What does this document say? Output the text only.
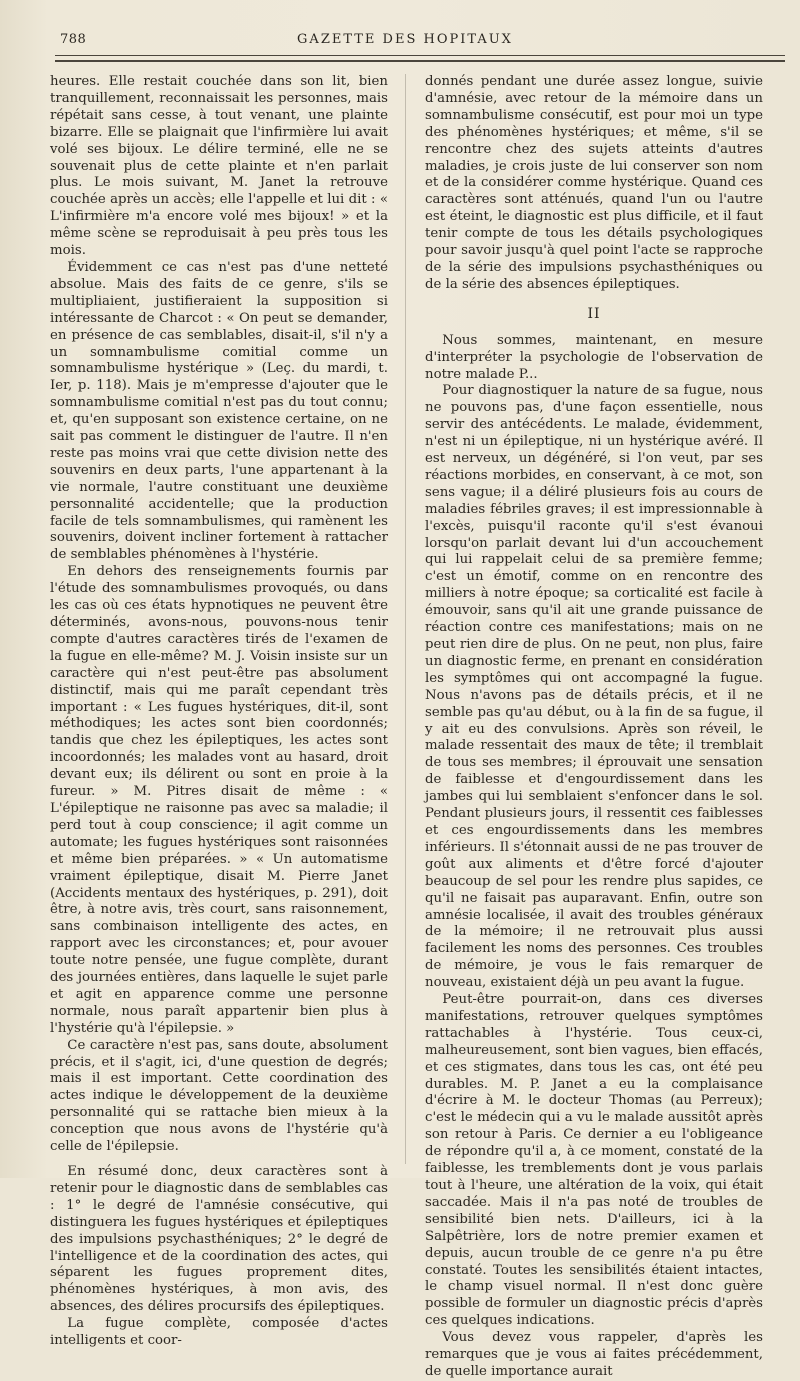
788	GAZETTE DES HOPITAUX

heures. Elle restait couchée dans son lit, bien tranquillement, reconnaissait les personnes, mais répétait sans cesse, à tout venant, une plainte bizarre. Elle se plaignait que l'infirmière lui avait volé ses bijoux. Le délire terminé, elle ne se souvenait plus de cette plainte et n'en parlait plus. Le mois suivant, M. Janet la retrouve couchée après un accès; elle l'appelle et lui dit : « L'infirmière m'a encore volé mes bijoux! » et la même scène se reproduisait à peu près tous les mois.

Évidemment ce cas n'est pas d'une netteté absolue. Mais des faits de ce genre, s'ils se multipliaient, justifieraient la supposition si intéressante de Charcot : « On peut se demander, en présence de cas semblables, disait-il, s'il n'y a un somnambulisme comitial comme un somnambulisme hystérique » (Leç. du mardi, t. Ier, p. 118). Mais je m'empresse d'ajouter que le somnambulisme comitial n'est pas du tout connu; et, qu'en supposant son existence certaine, on ne sait pas comment le distinguer de l'autre. Il n'en reste pas moins vrai que cette division nette des souvenirs en deux parts, l'une appartenant à la vie normale, l'autre constituant une deuxième personnalité accidentelle; que la production facile de tels somnambulismes, qui ramènent les souvenirs, doivent incliner fortement à rattacher de semblables phénomènes à l'hystérie.

En dehors des renseignements fournis par l'étude des somnambulismes provoqués, ou dans les cas où ces états hypnotiques ne peuvent être déterminés, avons-nous, pouvons-nous tenir compte d'autres caractères tirés de l'examen de la fugue en elle-même? M. J. Voisin insiste sur un caractère qui n'est peut-être pas absolument distinctif, mais qui me paraît cependant très important : « Les fugues hystériques, dit-il, sont méthodiques; les actes sont bien coordonnés; tandis que chez les épileptiques, les actes sont incoordonnés; les malades vont au hasard, droit devant eux; ils délirent ou sont en proie à la fureur. » M. Pitres disait de même : « L'épileptique ne raisonne pas avec sa maladie; il perd tout à coup conscience; il agit comme un automate; les fugues hystériques sont raisonnées et même bien préparées. » « Un automatisme vraiment épileptique, disait M. Pierre Janet (Accidents mentaux des hystériques, p. 291), doit être, à notre avis, très court, sans raisonnement, sans combinaison intelligente des actes, en rapport avec les circonstances; et, pour avouer toute notre pensée, une fugue complète, durant des journées entières, dans laquelle le sujet parle et agit en apparence comme une personne normale, nous paraît appartenir bien plus à l'hystérie qu'à l'épilepsie. »

Ce caractère n'est pas, sans doute, absolument précis, et il s'agit, ici, d'une question de degrés; mais il est important. Cette coordination des actes indique le développement de la deuxième personnalité qui se rattache bien mieux à la conception que nous avons de l'hystérie qu'à celle de l'épilepsie.

En résumé donc, deux caractères sont à retenir pour le diagnostic dans de semblables cas : 1° le degré de l'amnésie consécutive, qui distinguera les fugues hystériques et épileptiques des impulsions psychasthéniques; 2° le degré de l'intelligence et de la coordination des actes, qui séparent les fugues proprement dites, phénomènes hystériques, à mon avis, des absences, des délires procursifs des épileptiques.

La fugue complète, composée d'actes intelligents et coor-

donnés pendant une durée assez longue, suivie d'amnésie, avec retour de la mémoire dans un somnambulisme consécutif, est pour moi un type des phénomènes hystériques; et même, s'il se rencontre chez des sujets atteints d'autres maladies, je crois juste de lui conserver son nom et de la considérer comme hystérique. Quand ces caractères sont atténués, quand l'un ou l'autre est éteint, le diagnostic est plus difficile, et il faut tenir compte de tous les détails psychologiques pour savoir jusqu'à quel point l'acte se rapproche de la série des impulsions psychasthéniques ou de la série des absences épileptiques.

II

Nous sommes, maintenant, en mesure d'interpréter la psychologie de l'observation de notre malade P...

Pour diagnostiquer la nature de sa fugue, nous ne pouvons pas, d'une façon essentielle, nous servir des antécédents. Le malade, évidemment, n'est ni un épileptique, ni un hystérique avéré. Il est nerveux, un dégénéré, si l'on veut, par ses réactions morbides, en conservant, à ce mot, son sens vague; il a déliré plusieurs fois au cours de maladies fébriles graves; il est impressionnable à l'excès, puisqu'il raconte qu'il s'est évanoui lorsqu'on parlait devant lui d'un accouchement qui lui rappelait celui de sa première femme; c'est un émotif, comme on en rencontre des milliers à notre époque; sa corticalité est facile à émouvoir, sans qu'il ait une grande puissance de réaction contre ces manifestations; mais on ne peut rien dire de plus. On ne peut, non plus, faire un diagnostic ferme, en prenant en considération les symptômes qui ont accompagné la fugue. Nous n'avons pas de détails précis, et il ne semble pas qu'au début, ou à la fin de sa fugue, il y ait eu des convulsions. Après son réveil, le malade ressentait des maux de tête; il tremblait de tous ses membres; il éprouvait une sensation de faiblesse et d'engourdissement dans les jambes qui lui semblaient s'enfoncer dans le sol. Pendant plusieurs jours, il ressentit ces faiblesses et ces engourdissements dans les membres inférieurs. Il s'étonnait aussi de ne pas trouver de goût aux aliments et d'être forcé d'ajouter beaucoup de sel pour les rendre plus sapides, ce qu'il ne faisait pas auparavant. Enfin, outre son amnésie localisée, il avait des troubles généraux de la mémoire; il ne retrouvait plus aussi facilement les noms des personnes. Ces troubles de mémoire, je vous le fais remarquer de nouveau, existaient déjà un peu avant la fugue.

Peut-être pourrait-on, dans ces diverses manifestations, retrouver quelques symptômes rattachables à l'hystérie. Tous ceux-ci, malheureusement, sont bien vagues, bien effacés, et ces stigmates, dans tous les cas, ont été peu durables. M. P. Janet a eu la complaisance d'écrire à M. le docteur Thomas (au Perreux); c'est le médecin qui a vu le malade aussitôt après son retour à Paris. Ce dernier a eu l'obligeance de répondre qu'il a, à ce moment, constaté de la faiblesse, les tremblements dont je vous parlais tout à l'heure, une altération de la voix, qui était saccadée. Mais il n'a pas noté de troubles de sensibilité bien nets. D'ailleurs, ici à la Salpêtrière, lors de notre premier examen et depuis, aucun trouble de ce genre n'a pu être constaté. Toutes les sensibilités étaient intactes, le champ visuel normal. Il n'est donc guère possible de formuler un diagnostic précis d'après ces quelques indications.

Vous devez vous rappeler, d'après les remarques que je vous ai faites précédemment, de quelle importance aurait
